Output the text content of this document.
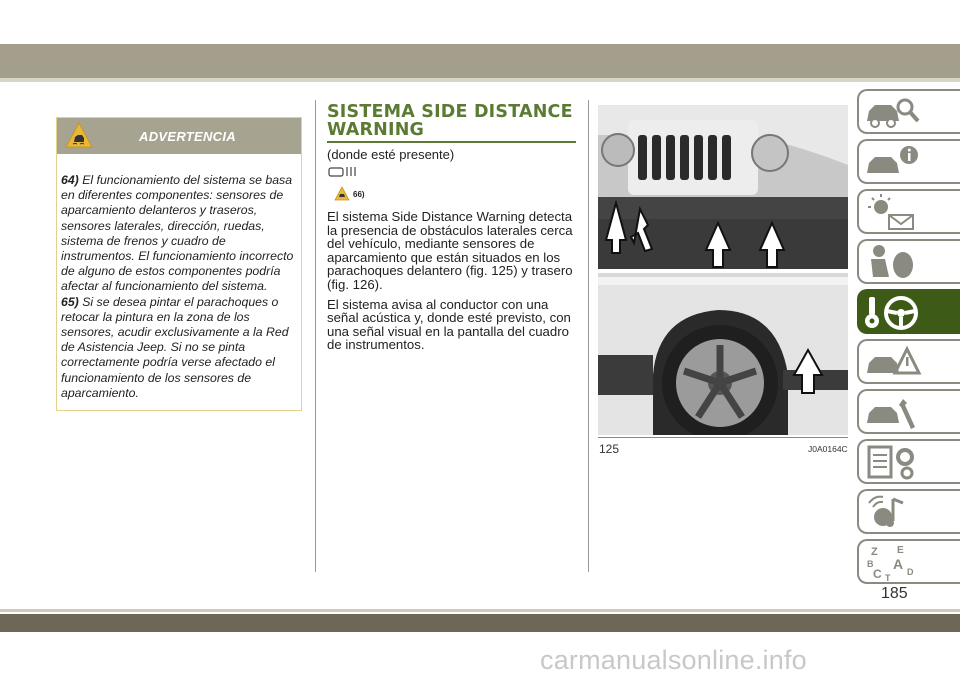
ADVERTENCIA
64) El funcionamiento del sistema se basa en diferentes componentes: sensores de aparcamiento delanteros y traseros, sensores laterales, dirección, ruedas, sistema de frenos y cuadro de instrumentos. El funcionamiento incorrecto de alguno de estos componentes podría afectar al funcionamiento del sistema.
65) Si se desea pintar el parachoques o retocar la pintura en la zona de los sensores, acudir exclusivamente a la Red de Asistencia Jeep. Si no se pinta correctamente podría verse afectado el funcionamiento de los sensores de aparcamiento.
SISTEMA SIDE DISTANCE
WARNING
(donde esté presente)
66)

El sistema Side Distance Warning detecta la presencia de obstáculos laterales cerca del vehículo, mediante sensores de aparcamiento que están situados en los parachoques delantero (fig. 125) y trasero (fig. 126).

El sistema avisa al conductor con una señal acústica y, donde esté previsto, con una señal visual en la pantalla del cuadro de instrumentos.

125	J0A0164C
Z E
B A
C	D
T
185
carmanualsonline.info
